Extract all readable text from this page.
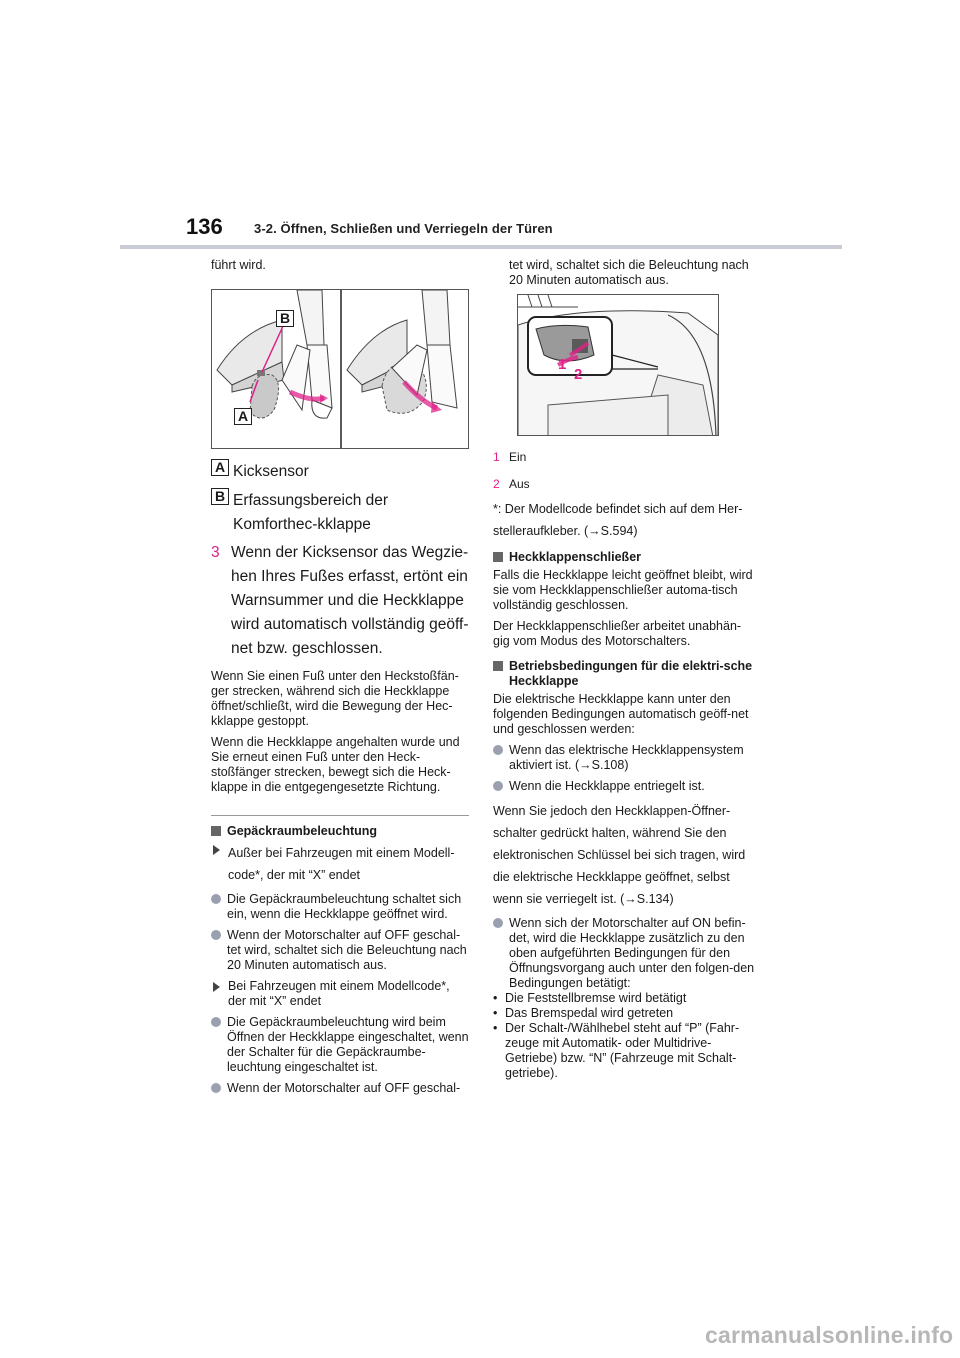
136 3-2. Öffnen, Schließen und Verriegeln der Türen

führt wird.

B
A
A Kicksensor
B Erfassungsbereich der Komforthec-kklappe
3 Wenn der Kicksensor das Wegzie-hen Ihres Fußes erfasst, ertönt ein Warnsummer und die Heckklappe wird automatisch vollständig geöff-net bzw. geschlossen.

Wenn Sie einen Fuß unter den Heckstoßfän-ger strecken, während sich die Heckklappe öffnet/schließt, wird die Bewegung der Hec-kklappe gestoppt.

Wenn die Heckklappe angehalten wurde und Sie erneut einen Fuß unter den Heck-stoßfänger strecken, bewegt sich die Heck-klappe in die entgegengesetzte Richtung.

Gepäckraumbeleuchtung
Außer bei Fahrzeugen mit einem Modell-code*, der mit “X” endet
Die Gepäckraumbeleuchtung schaltet sich ein, wenn die Heckklappe geöffnet wird.
Wenn der Motorschalter auf OFF geschal-tet wird, schaltet sich die Beleuchtung nach 20 Minuten automatisch aus.
Bei Fahrzeugen mit einem Modellcode*, der mit “X” endet
Die Gepäckraumbeleuchtung wird beim Öffnen der Heckklappe eingeschaltet, wenn der Schalter für die Gepäckraumbe-leuchtung eingeschaltet ist.
Wenn der Motorschalter auf OFF geschal-

tet wird, schaltet sich die Beleuchtung nach 20 Minuten automatisch aus.

1
2
1 Ein
2 Aus
*: Der Modellcode befindet sich auf dem Her-stelleraufkleber. (→S.594)
Heckklappenschließer

Falls die Heckklappe leicht geöffnet bleibt, wird sie vom Heckklappenschließer automa-tisch vollständig geschlossen.

Der Heckklappenschließer arbeitet unabhän-gig vom Modus des Motorschalters.

Betriebsbedingungen für die elektri-sche Heckklappe

Die elektrische Heckklappe kann unter den folgenden Bedingungen automatisch geöff-net und geschlossen werden:

Wenn das elektrische Heckklappensystem aktiviert ist. (→S.108)
Wenn die Heckklappe entriegelt ist.

Wenn Sie jedoch den Heckklappen-Öffner-schalter gedrückt halten, während Sie den elektronischen Schlüssel bei sich tragen, wird die elektrische Heckklappe geöffnet, selbst wenn sie verriegelt ist. (→S.134)

Wenn sich der Motorschalter auf ON befin-det, wird die Heckklappe zusätzlich zu den oben aufgeführten Bedingungen für den Öffnungsvorgang auch unter den folgen-den Bedingungen betätigt:
• Die Feststellbremse wird betätigt
• Das Bremspedal wird getreten
• Der Schalt-/Wählhebel steht auf “P” (Fahr-zeuge mit Automatik- oder Multidrive-Getriebe) bzw. “N” (Fahrzeuge mit Schalt-getriebe).
carmanualsonline.info
